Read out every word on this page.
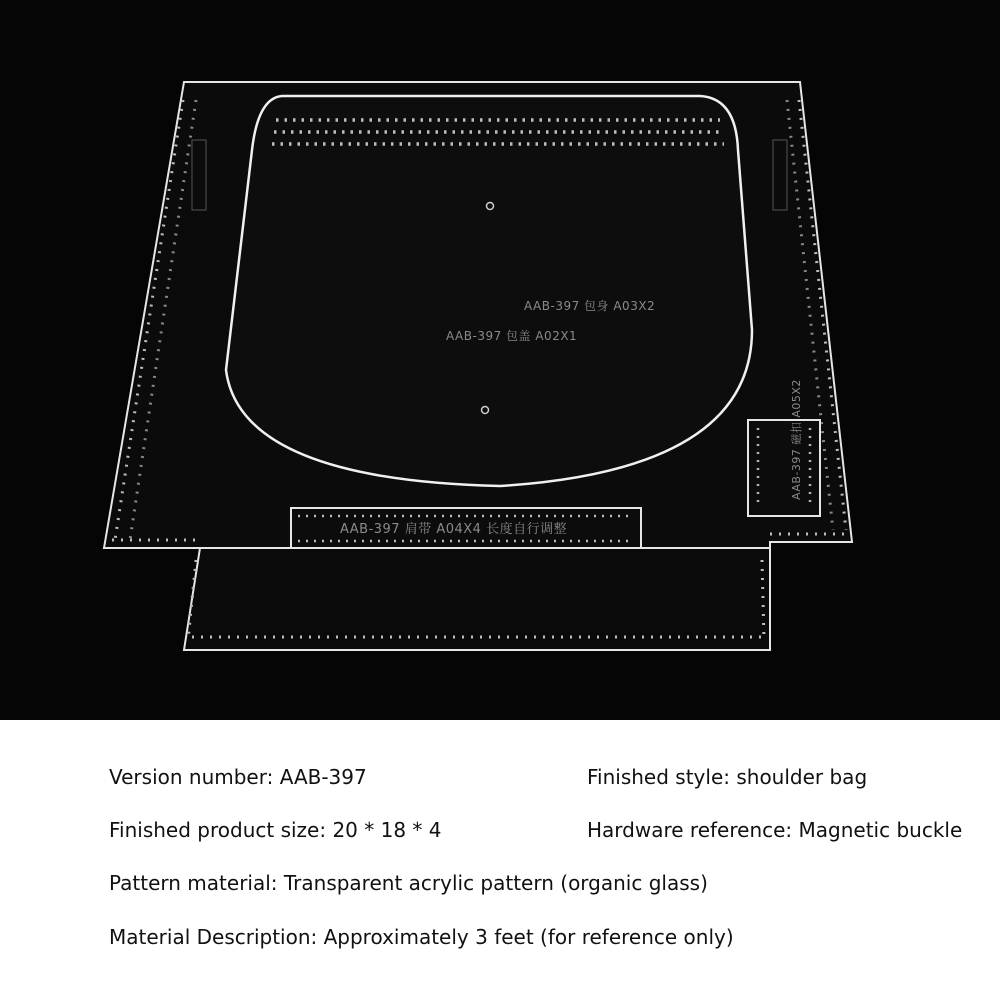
AAB-397 包身 A03X2
AAB-397 包盖 A02X1
AAB-397 肩带 A04X4 长度自行调整
AAB-397 磁扣 A05X2
Version number: AAB-397	Finished style: shoulder bag
Finished product size: 20 * 18 * 4	Hardware reference: Magnetic buckle
Pattern material: Transparent acrylic pattern (organic glass)
Material Description: Approximately 3 feet (for reference only)
